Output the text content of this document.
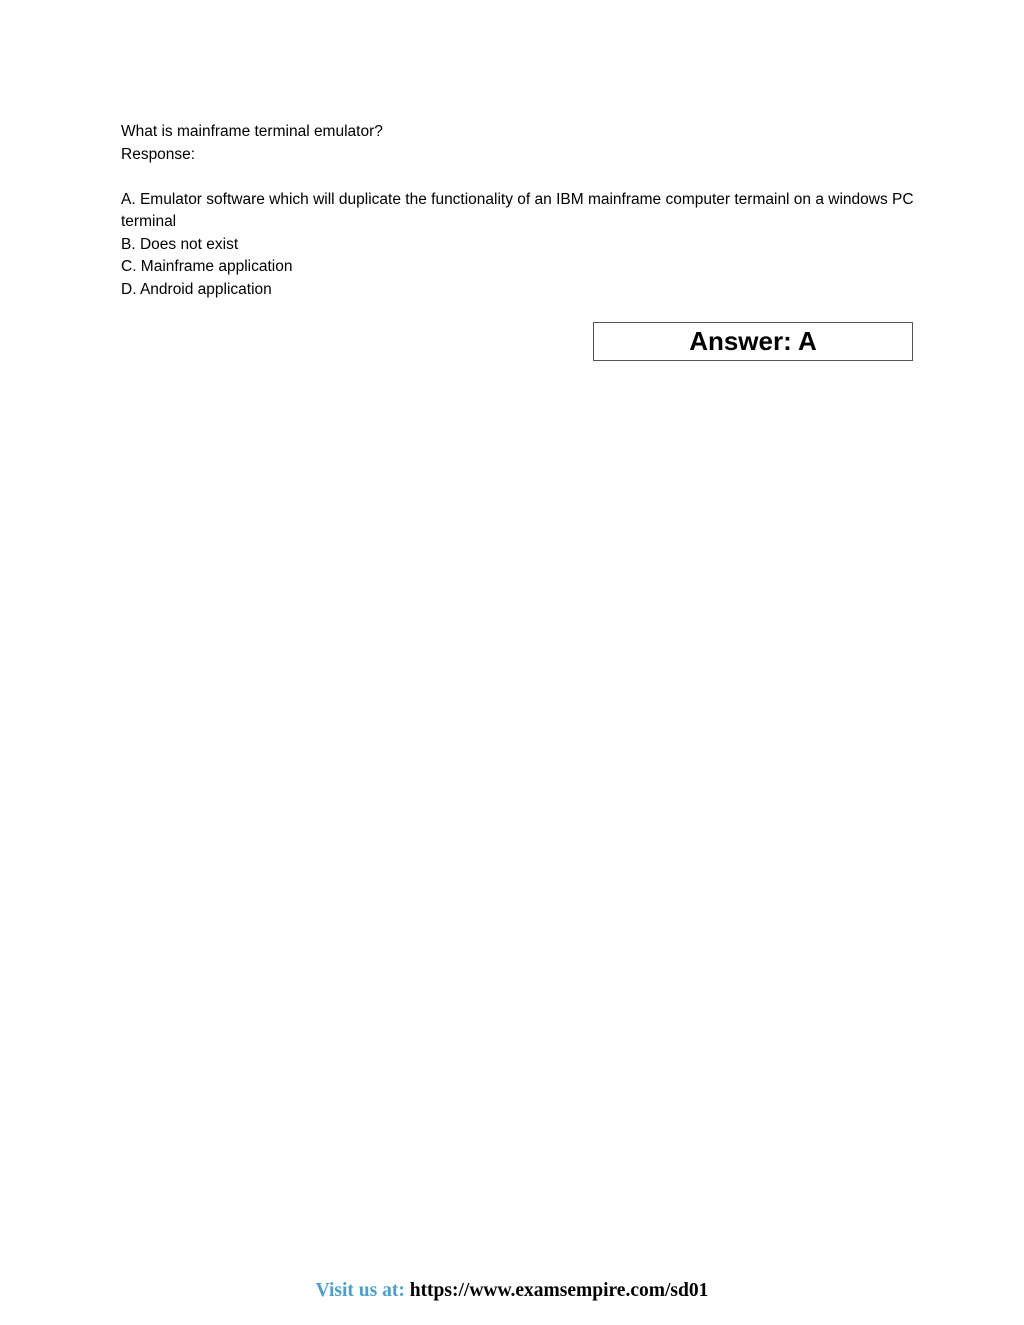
What is mainframe terminal emulator?
Response:
A. Emulator software which will duplicate the functionality of an IBM mainframe computer termainl on a windows PC terminal
B. Does not exist
C. Mainframe application
D. Android application
Answer: A
Visit us at: https://www.examsempire.com/sd01
